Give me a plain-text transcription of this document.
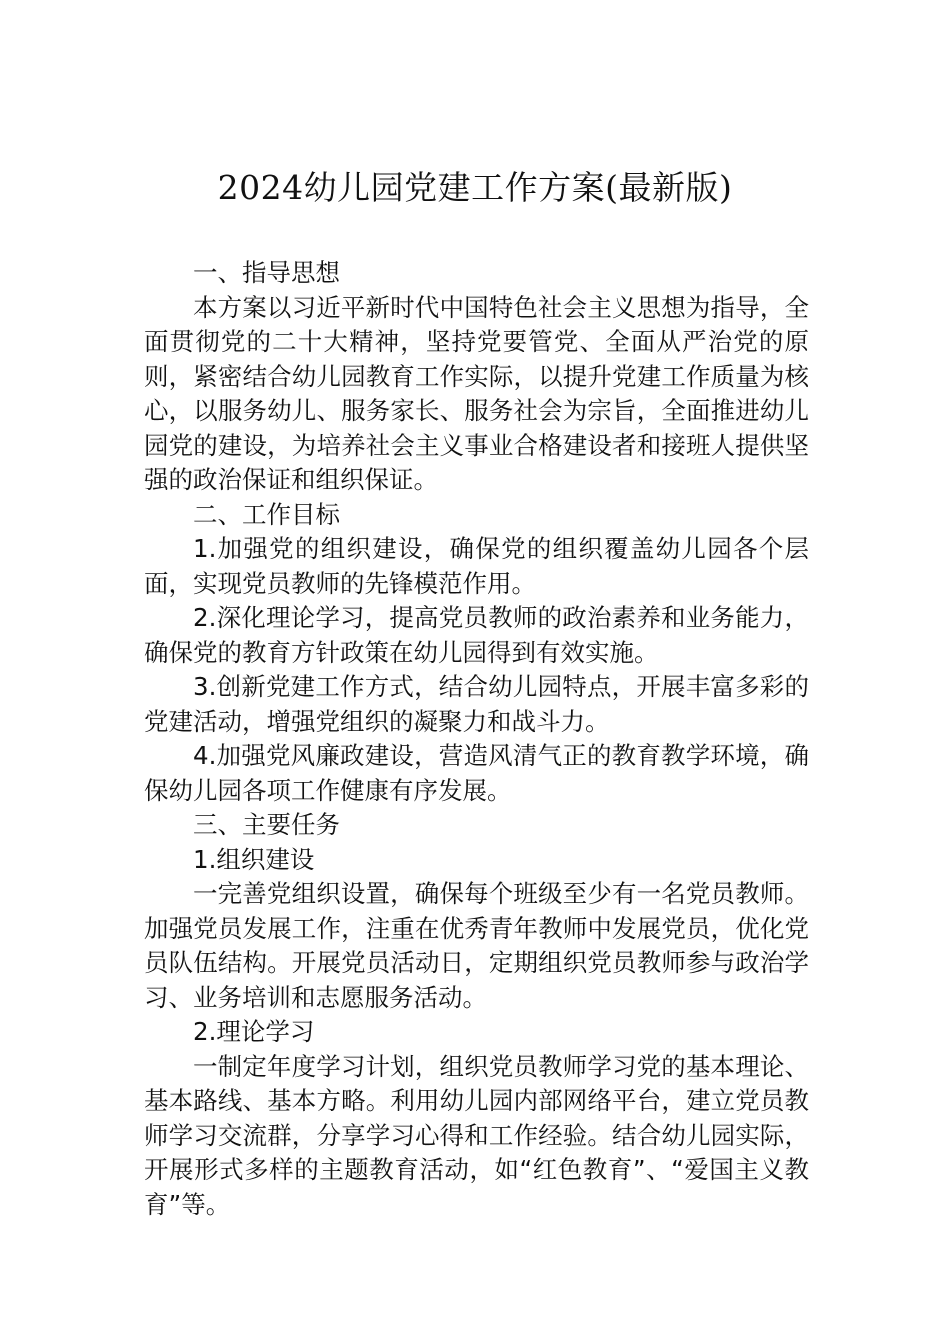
2024幼儿园党建工作方案(最新版)

一、指导思想

本方案以习近平新时代中国特色社会主义思想为指导，全面贯彻党的二十大精神，坚持党要管党、全面从严治党的原则，紧密结合幼儿园教育工作实际，以提升党建工作质量为核心，以服务幼儿、服务家长、服务社会为宗旨，全面推进幼儿园党的建设，为培养社会主义事业合格建设者和接班人提供坚强的政治保证和组织保证。

二、工作目标

1.加强党的组织建设，确保党的组织覆盖幼儿园各个层面，实现党员教师的先锋模范作用。

2.深化理论学习，提高党员教师的政治素养和业务能力，确保党的教育方针政策在幼儿园得到有效实施。

3.创新党建工作方式，结合幼儿园特点，开展丰富多彩的党建活动，增强党组织的凝聚力和战斗力。

4.加强党风廉政建设，营造风清气正的教育教学环境，确保幼儿园各项工作健康有序发展。

三、主要任务

1.组织建设

一完善党组织设置，确保每个班级至少有一名党员教师。 加强党员发展工作，注重在优秀青年教师中发展党员，优化党员队伍结构。开展党员活动日，定期组织党员教师参与政治学习、业务培训和志愿服务活动。

2.理论学习

一制定年度学习计划，组织党员教师学习党的基本理论、 基本路线、基本方略。利用幼儿园内部网络平台，建立党员教师学习交流群，分享学习心得和工作经验。结合幼儿园实际，开展形式多样的主题教育活动，如“红色教育”、“爱国主义教育”等。
